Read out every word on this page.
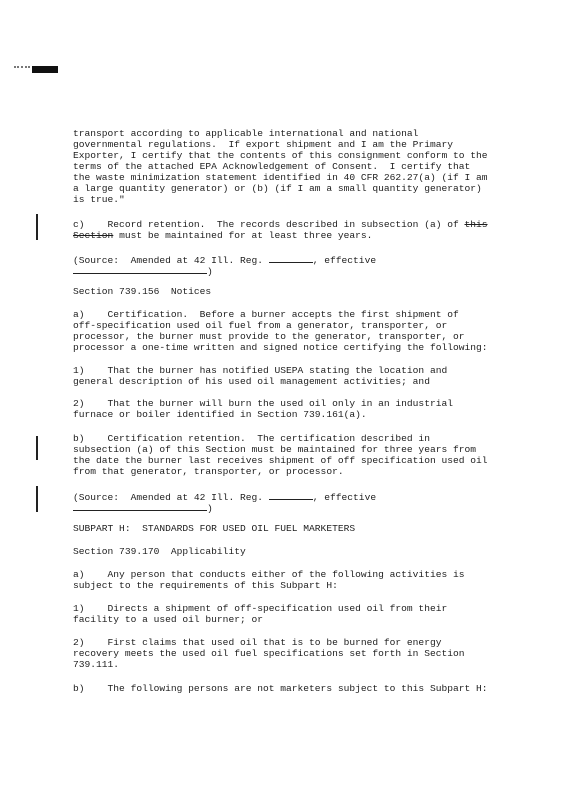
transport according to applicable international and national

governmental regulations.  If export shipment and I am the Primary

Exporter, I certify that the contents of this consignment conform to the

terms of the attached EPA Acknowledgement of Consent.  I certify that

the waste minimization statement identified in 40 CFR 262.27(a) (if I am

a large quantity generator) or (b) (if I am a small quantity generator)

is true."

c)    Record retention.  The records described in subsection (a) of this

Section must be maintained for at least three years.

(Source:  Amended at 42 Ill. Reg.	, effective

)

Section 739.156  Notices

a)    Certification.  Before a burner accepts the first shipment of

off-specification used oil fuel from a generator, transporter, or

processor, the burner must provide to the generator, transporter, or

processor a one-time written and signed notice certifying the following:

1)    That the burner has notified USEPA stating the location and

general description of his used oil management activities; and

2)    That the burner will burn the used oil only in an industrial

furnace or boiler identified in Section 739.161(a).

b)    Certification retention.  The certification described in

subsection (a) of this Section must be maintained for three years from

the date the burner last receives shipment of off specification used oil

from that generator, transporter, or processor.

(Source:  Amended at 42 Ill. Reg.	, effective

)

SUBPART H:  STANDARDS FOR USED OIL FUEL MARKETERS

Section 739.170  Applicability

a)    Any person that conducts either of the following activities is

subject to the requirements of this Subpart H:

1)    Directs a shipment of off-specification used oil from their

facility to a used oil burner; or

2)    First claims that used oil that is to be burned for energy

recovery meets the used oil fuel specifications set forth in Section

739.111.

b)    The following persons are not marketers subject to this Subpart H:
